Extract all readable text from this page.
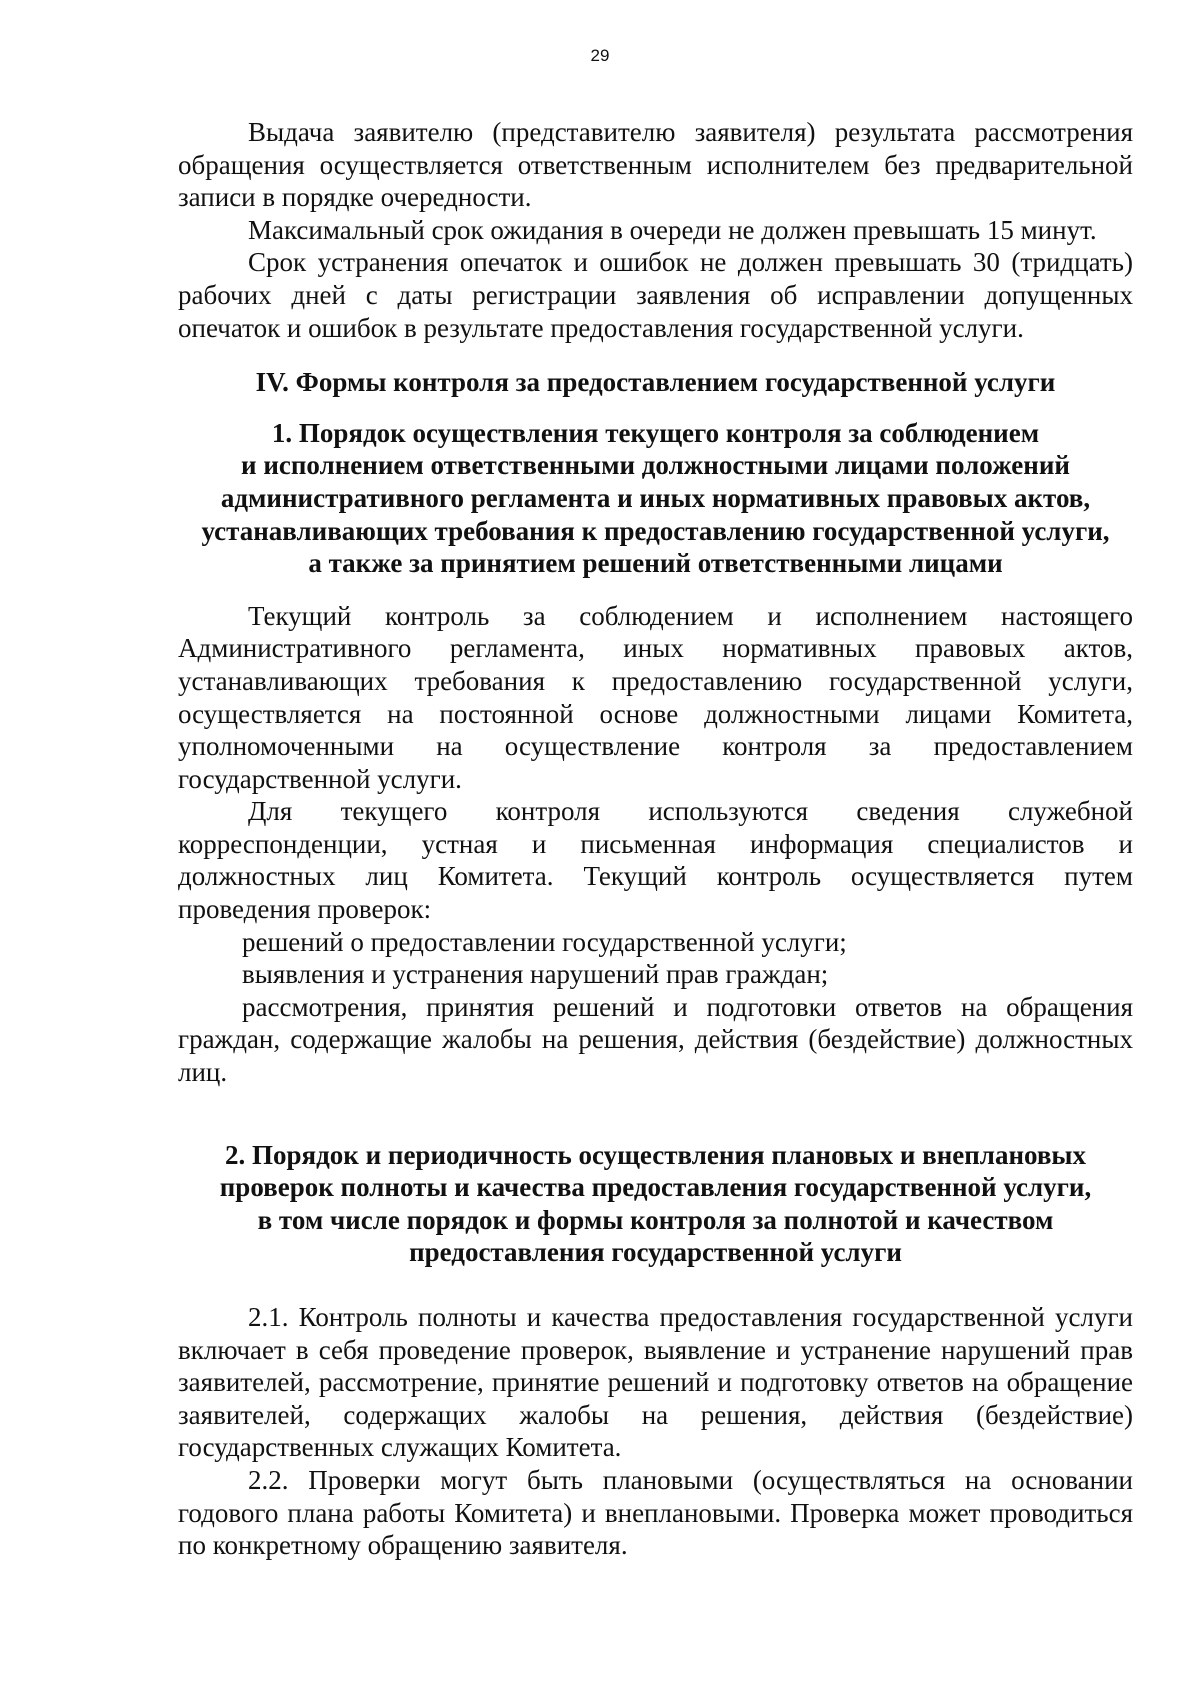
29

Выдача заявителю (представителю заявителя) результата рассмотрения обращения осуществляется ответственным исполнителем без предварительной записи в порядке очередности.

Максимальный срок ожидания в очереди не должен превышать 15 минут.

Срок устранения опечаток и ошибок не должен превышать 30 (тридцать) рабочих дней с даты регистрации заявления об исправлении допущенных опечаток и ошибок в результате предоставления государственной услуги.

IV. Формы контроля за предоставлением государственной услуги
1. Порядок осуществления текущего контроля за соблюдением
и исполнением ответственными должностными лицами положений
административного регламента и иных нормативных правовых актов,
устанавливающих требования к предоставлению государственной услуги,
а также за принятием решений ответственными лицами

Текущий контроль за соблюдением и исполнением настоящего Административного регламента, иных нормативных правовых актов, устанавливающих требования к предоставлению государственной услуги, осуществляется на постоянной основе должностными лицами Комитета, уполномоченными на осуществление контроля за предоставлением государственной услуги.

Для текущего контроля используются сведения служебной корреспонденции, устная и письменная информация специалистов и должностных лиц Комитета. Текущий контроль осуществляется путем проведения проверок:

решений о предоставлении государственной услуги;

выявления и устранения нарушений прав граждан;

рассмотрения, принятия решений и подготовки ответов на обращения граждан, содержащие жалобы на решения, действия (бездействие) должностных лиц.

2. Порядок и периодичность осуществления плановых и внеплановых
проверок полноты и качества предоставления государственной услуги,
в том числе порядок и формы контроля за полнотой и качеством
предоставления государственной услуги

2.1. Контроль полноты и качества предоставления государственной услуги включает в себя проведение проверок, выявление и устранение нарушений прав заявителей, рассмотрение, принятие решений и подготовку ответов на обращение заявителей, содержащих жалобы на решения, действия (бездействие) государственных служащих Комитета.

2.2. Проверки могут быть плановыми (осуществляться на основании годового плана работы Комитета) и внеплановыми. Проверка может проводиться по конкретному обращению заявителя.
